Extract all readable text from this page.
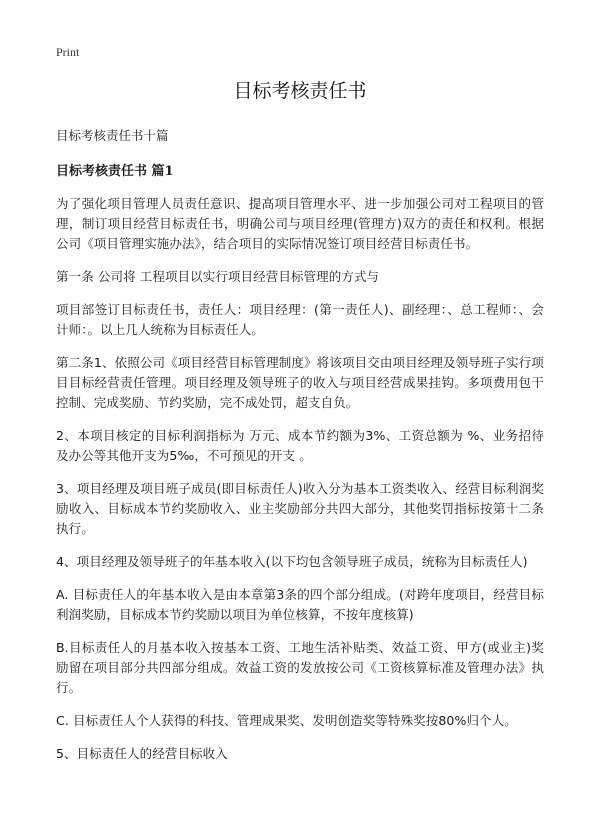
Print
目标考核责任书
目标考核责任书十篇
目标考核责任书 篇1

为了强化项目管理人员责任意识、提高项目管理水平、进一步加强公司对工程项目的管理，制订项目经营目标责任书，明确公司与项目经理(管理方)双方的责任和权利。根据公司《项目管理实施办法》，结合项目的实际情况签订项目经营目标责任书。

第一条 公司将 工程项目以实行项目经营目标管理的方式与

项目部签订目标责任书，责任人：项目经理：(第一责任人)、副经理：、总工程师：、会计师：。以上几人统称为目标责任人。

第二条1、依照公司《项目经营目标管理制度》将该项目交由项目经理及领导班子实行项目目标经营责任管理。项目经理及领导班子的收入与项目经营成果挂钩。多项费用包干控制、完成奖励、节约奖励，完不成处罚，超支自负。

2、本项目核定的目标利润指标为 万元、成本节约额为3%、工资总额为 %、业务招待及办公等其他开支为5‰，不可预见的开支 。

3、项目经理及项目班子成员(即目标责任人)收入分为基本工资类收入、经营目标利润奖励收入、目标成本节约奖励收入、业主奖励部分共四大部分，其他奖罚指标按第十二条执行。

4、项目经理及领导班子的年基本收入(以下均包含领导班子成员，统称为目标责任人)

A. 目标责任人的年基本收入是由本章第3条的四个部分组成。(对跨年度项目，经营目标利润奖励，目标成本节约奖励以项目为单位核算，不按年度核算)

B.目标责任人的月基本收入按基本工资、工地生活补贴类、效益工资、甲方(或业主)奖励留在项目部分共四部分组成。效益工资的发放按公司《工资核算标准及管理办法》执行。

C. 目标责任人个人获得的科技、管理成果奖、发明创造奖等特殊奖按80%归个人。

5、目标责任人的经营目标收入
